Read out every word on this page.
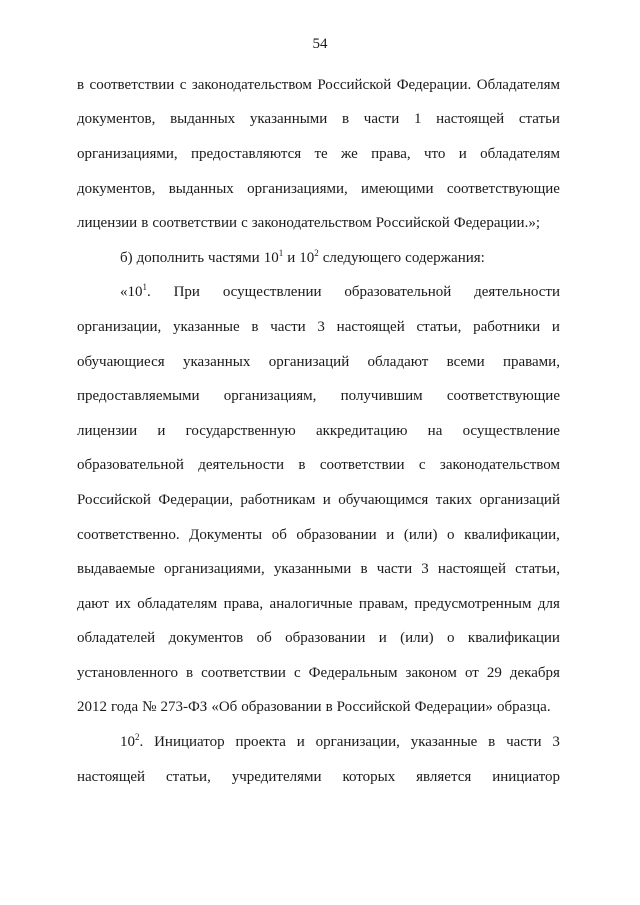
54
в соответствии с законодательством Российской Федерации. Обладателям
документов, выданных указанными в части 1 настоящей статьи
организациями, предоставляются те же права, что и обладателям
документов, выданных организациями, имеющими соответствующие
лицензии в соответствии с законодательством Российской Федерации.»;
б) дополнить частями $10^1$ и $10^2$ следующего содержания:
«$10^1$. При осуществлении образовательной деятельности
организации, указанные в части 3 настоящей статьи, работники и
обучающиеся указанных организаций обладают всеми правами,
предоставляемыми организациям, получившим соответствующие
лицензии и государственную аккредитацию на осуществление
образовательной деятельности в соответствии с законодательством
Российской Федерации, работникам и обучающимся таких организаций
соответственно. Документы об образовании и (или) о квалификации,
выдаваемые организациями, указанными в части 3 настоящей статьи,
дают их обладателям права, аналогичные правам, предусмотренным для
обладателей документов об образовании и (или) о квалификации
установленного в соответствии с Федеральным законом от 29 декабря
2012 года № 273-ФЗ «Об образовании в Российской Федерации» образца.
$10^2$. Инициатор проекта и организации, указанные в части 3
настоящей статьи, учредителями которых является инициатор
